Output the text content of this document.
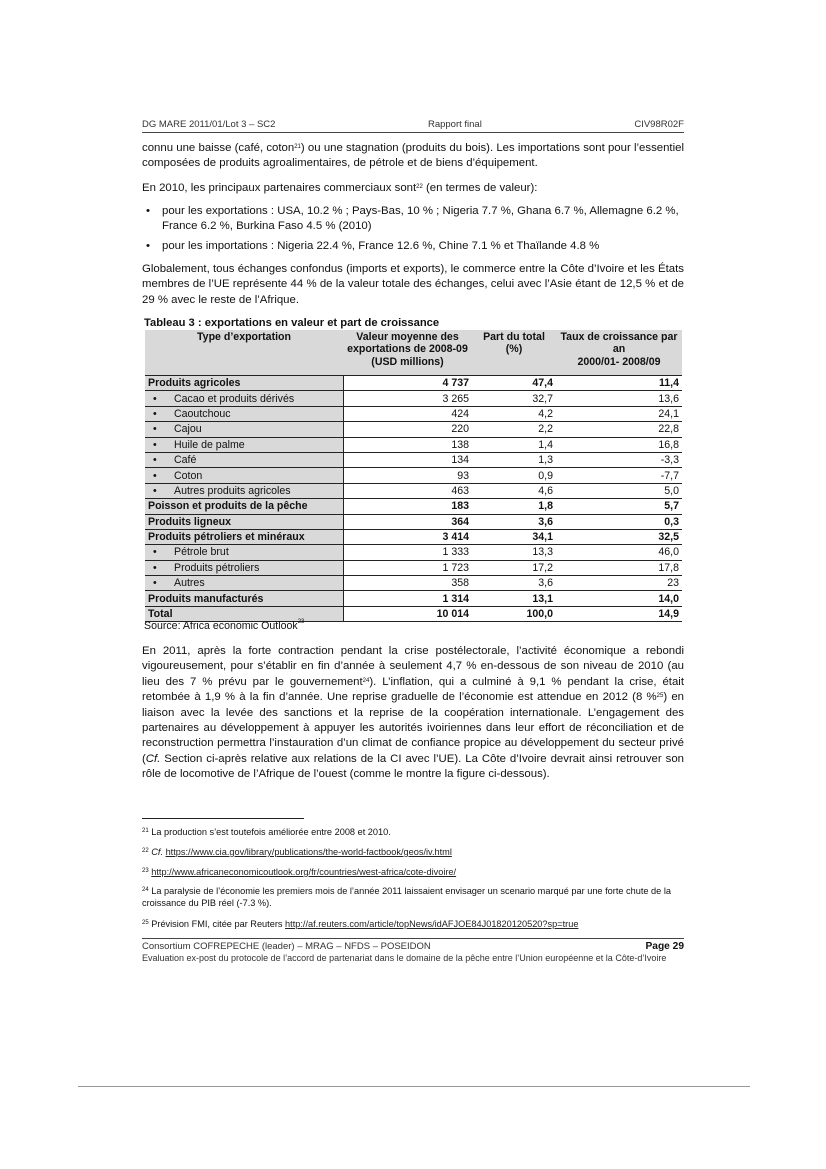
DG MARE 2011/01/Lot 3 – SC2	Rapport final	CIV98R02F

connu une baisse (café, coton$^{21}$) ou une stagnation (produits du bois). Les importations sont pour l’essentiel composées de produits agroalimentaires, de pétrole et de biens d’équipement.

En 2010, les principaux partenaires commerciaux sont$^{22}$ (en termes de valeur):

• pour les exportations : USA, 10.2 % ; Pays-Bas, 10 % ; Nigeria 7.7 %, Ghana 6.7 %, Allemagne 6.2 %, France 6.2 %, Burkina Faso 4.5 % (2010)
• pour les importations : Nigeria 22.4 %, France 12.6 %, Chine 7.1 % et Thaïlande 4.8 %

Globalement, tous échanges confondus (imports et exports), le commerce entre la Côte d’Ivoire et les États membres de l’UE représente 44 % de la valeur totale des échanges, celui avec l’Asie étant de 12,5 % et de 29 % avec le reste de l’Afrique.

Tableau 3 : exportations en valeur et part de croissance
Type d’exportation	Valeur moyenne des exportations de 2008-09 (USD millions)	Part du total (%)	Taux de croissance par an
2000/01- 2008/09
Produits agricoles	4 737	47,4	11,4
• Cacao et produits dérivés	3 265	32,7	13,6
• Caoutchouc	424	4,2	24,1
• Cajou	220	2,2	22,8
• Huile de palme	138	1,4	16,8
• Café	134	1,3	-3,3
• Coton	93	0,9	-7,7
• Autres produits agricoles	463	4,6	5,0
Poisson et produits de la pêche	183	1,8	5,7
Produits ligneux	364	3,6	0,3
Produits pétroliers et minéraux	3 414	34,1	32,5
• Pétrole brut	1 333	13,3	46,0
• Produits pétroliers	1 723	17,2	17,8
• Autres	358	3,6	23
Produits manufacturés	1 314	13,1	14,0
Total	10 014	100,0	14,9
Source: Africa economic Outlook$^{23}$

En 2011, après la forte contraction pendant la crise postélectorale, l’activité économique a rebondi vigoureusement, pour s’établir en fin d’année à seulement 4,7 % en-dessous de son niveau de 2010 (au lieu des 7 % prévu par le gouvernement$^{24}$). L’inflation, qui a culminé à 9,1 % pendant la crise, était retombée à 1,9 % à la fin d’année. Une reprise graduelle de l’économie est attendue en 2012 (8 %$^{25}$) en liaison avec la levée des sanctions et la reprise de la coopération internationale. L’engagement des partenaires au développement à appuyer les autorités ivoiriennes dans leur effort de réconciliation et de reconstruction permettra l’instauration d’un climat de confiance propice au développement du secteur privé (Cf. Section ci-après relative aux relations de la CI avec l’UE). La Côte d’Ivoire devrait ainsi retrouver son rôle de locomotive de l’Afrique de l’ouest (comme le montre la figure ci-dessous).

$^{21}$ La production s’est toutefois améliorée entre 2008 et 2010.

$^{22}$ Cf. https://www.cia.gov/library/publications/the-world-factbook/geos/iv.html

$^{23}$ http://www.africaneconomicoutlook.org/fr/countries/west-africa/cote-divoire/

$^{24}$ La paralysie de l’économie les premiers mois de l’année 2011 laissaient envisager un scenario marqué par une forte chute de la croissance du PIB réel (-7.3 %).

$^{25}$ Prévision FMI, citée par Reuters http://af.reuters.com/article/topNews/idAFJOE84J01820120520?sp=true

Consortium COFREPECHE (leader) – MRAG – NFDS – POSEIDON	Page 29
Evaluation ex-post du protocole de l’accord de partenariat dans le domaine de la pêche entre l’Union européenne et la Côte-d’Ivoire
